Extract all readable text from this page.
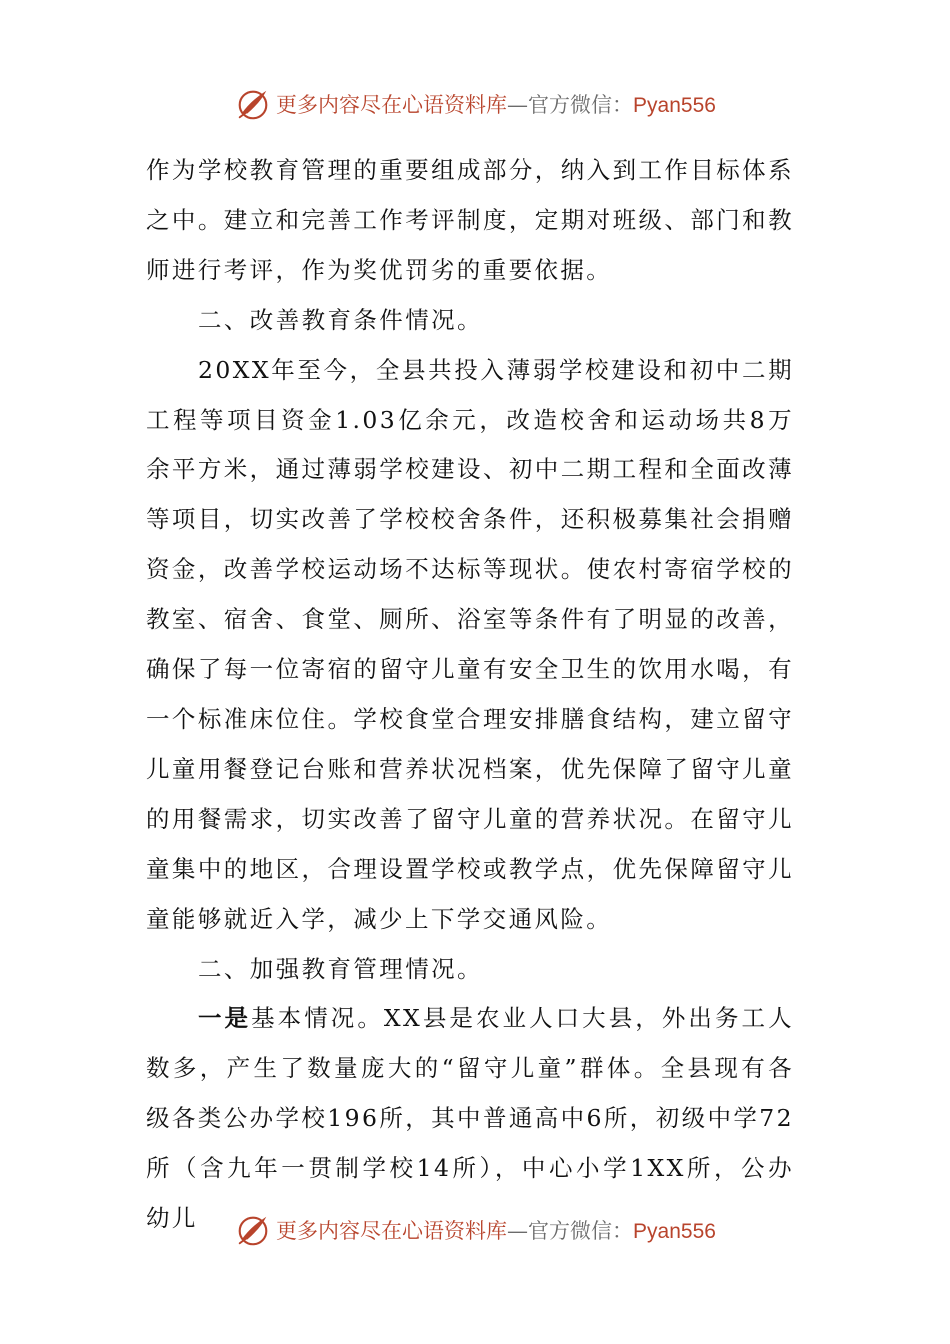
更多内容尽在心语资料库—官方微信：Pyan556

作为学校教育管理的重要组成部分，纳入到工作目标体系之中。建立和完善工作考评制度，定期对班级、部门和教师进行考评，作为奖优罚劣的重要依据。

二、改善教育条件情况。

20XX年至今，全县共投入薄弱学校建设和初中二期工程等项目资金1.03亿余元，改造校舍和运动场共8万余平方米，通过薄弱学校建设、初中二期工程和全面改薄等项目，切实改善了学校校舍条件，还积极募集社会捐赠资金，改善学校运动场不达标等现状。使农村寄宿学校的教室、宿舍、食堂、厕所、浴室等条件有了明显的改善，确保了每一位寄宿的留守儿童有安全卫生的饮用水喝，有一个标准床位住。学校食堂合理安排膳食结构，建立留守儿童用餐登记台账和营养状况档案，优先保障了留守儿童的用餐需求，切实改善了留守儿童的营养状况。在留守儿童集中的地区，合理设置学校或教学点，优先保障留守儿童能够就近入学，减少上下学交通风险。

二、加强教育管理情况。

一是基本情况。XX县是农业人口大县，外出务工人数多，产生了数量庞大的“留守儿童”群体。全县现有各级各类公办学校196所，其中普通高中6所，初级中学72所（含九年一贯制学校14所），中心小学1XX所，公办幼儿	更多内容尽在心语资料库—官方微信：Pyan556
